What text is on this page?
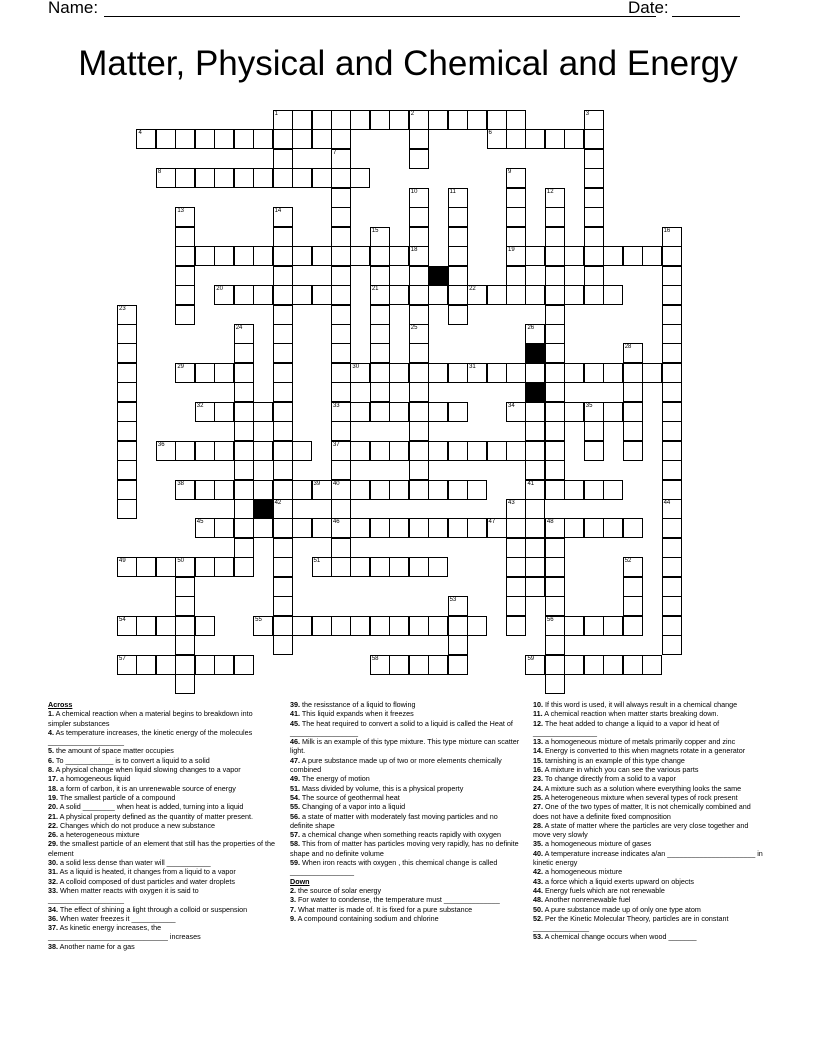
Name:	Date:
Matter, Physical and Chemical and Energy
1	2
4	6
8
18	19
20	21	22
29	30	31
32	33	34	35
36	37
38	39 40	41
45	46	47	48
49	50	51
54	55	56
57	58	59
3
7
9
10
25
11	12
13	14
42
15	16
44
23
24	26
28
43
52
53
Across
1. A chemical reaction when a material begins to breakdown into simpler substances
4. As temperature increases, the kinetic energy of the molecules ___________________
5. the amount of space matter occupies
6. To ____________ is to convert a liquid to a solid
8. A physical change when liquid slowing changes to a vapor
17. a homogeneous liquid
18. a form of carbon, it is an unrenewable source of energy
19. The smallest particle of a compound
20. A solid ________ when heat is added, turning into a liquid
21. A physical property defined as the quantity of matter present.
22. Changes which do not produce a new substance
26. a heterogeneous mixture
29. the smallest particle of an element that still has the properties of the element
30. a solid less dense than water will ___________
31. As a liquid is heated, it changes from a liquid to a vapor
32. A colloid composed of dust particles and water droplets
33. When matter reacts with oxygen it is said to ___________________
34. The effect of shining a light through a colloid or suspension
36. When water freezes it ___________
37. As kinetic energy increases, the ______________________________ increases
38. Another name for a gas
39. the resisstance of a liquid to flowing
41. This liquid expands when it freezes
45. The heat required to convert a solid to a liquid is called the Heat of _________________
46. Milk is an example of this type mixture. This type mixture can scatter light.
47. A pure substance made up of two or more elements chemically combined
49. The energy of motion
51. Mass divided by volume, this is a physical property
54. The source of geothermal heat
55. Changing of a vapor into a liquid
56. a state of matter with moderately fast moving particles and no definite shape
57. a chemical change when something reacts rapidly with oxygen
58. This from of matter has particles moving very rapidly, has no definite shape and no definite volume
59. When iron reacts with oxygen , this chemical change is called ________________
Down
2. the source of solar energy
3. For water to condense, the temperature must ______________
7. What matter is made of. It is fixed for a pure substance
9. A compound containing sodium and chlorine
10. If this word is used, it will always result in a chemical change
11. A chemical reaction when matter starts breaking down.
12. The heat added to change a liquid to a vapor id heat of ________________
13. a homogeneous mixture of metals primarily copper and zinc
14. Energy is converted to this when magnets rotate in a generator
15. tarnishing is an example of this type change
16. A mixture in which you can see the various parts
23. To change directly from a solid to a vapor
24. A mixture such as a solution where everything looks the same
25. A heterogeneous mixture when several types of rock present
27. One of the two types of matter, It is not chemically combined and does not have a definite fixed compnosition
28. A state of matter where the particles are very close together and move very slowly
35. a homogeneous mixture of gases
40. A temperature increase indicates a/an ______________________ in kinetic energy
42. a homogeneous mixture
43. a force which a liquid exerts upward on objects
44. Energy fuels which are not renewable
48. Another nonrenewable fuel
50. A pure substance made up of only one type atom
52. Per the Kinetic Molecular Theory, particles are in constant ______________
53. A chemical change occurs when wood _______
